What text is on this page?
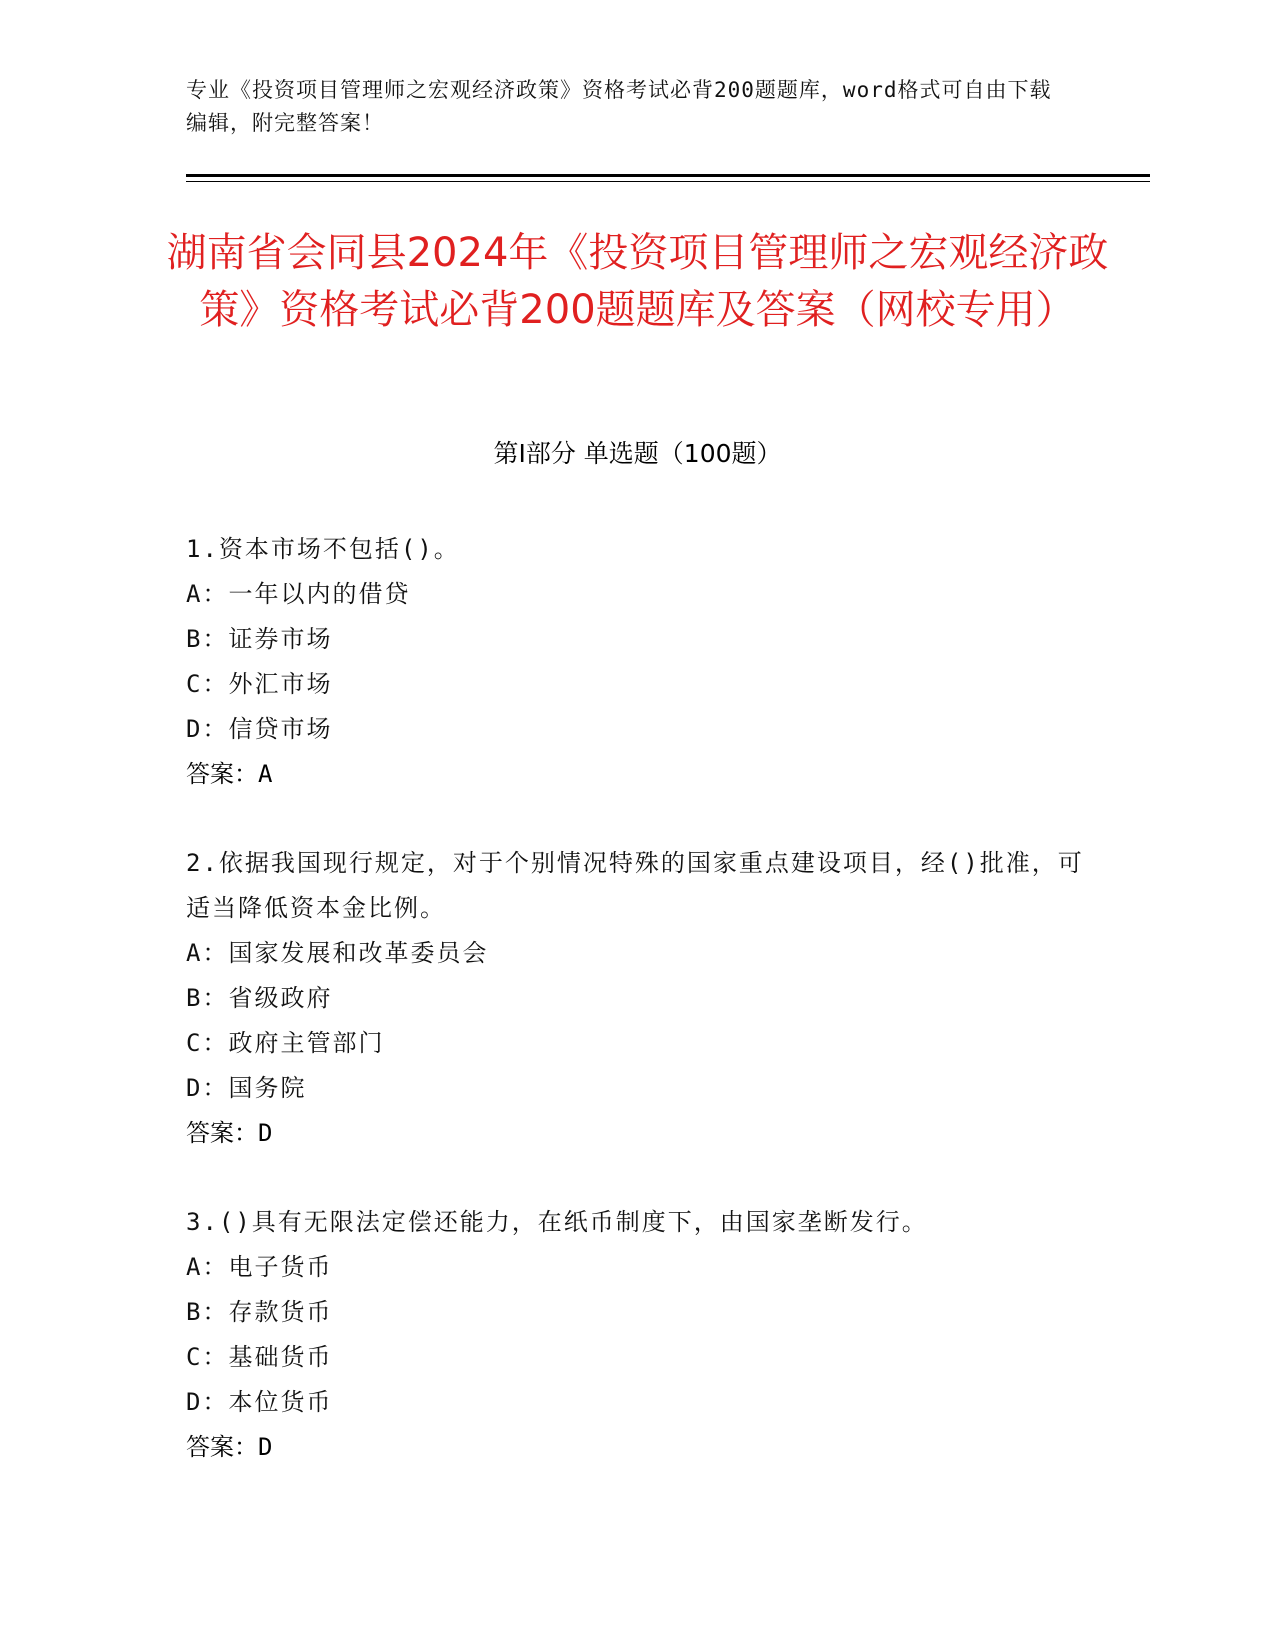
专业《投资项目管理师之宏观经济政策》资格考试必背200题题库，word格式可自由下载编辑，附完整答案！
湖南省会同县2024年《投资项目管理师之宏观经济政策》资格考试必背200题题库及答案（网校专用）
第Ⅰ部分 单选题（100题）
1.资本市场不包括()。
A：一年以内的借贷
B：证券市场
C：外汇市场
D：信贷市场
答案：A
2.依据我国现行规定，对于个别情况特殊的国家重点建设项目，经()批准，可适当降低资本金比例。
A：国家发展和改革委员会
B：省级政府
C：政府主管部门
D：国务院
答案：D
3.()具有无限法定偿还能力，在纸币制度下，由国家垄断发行。
A：电子货币
B：存款货币
C：基础货币
D：本位货币
答案：D
